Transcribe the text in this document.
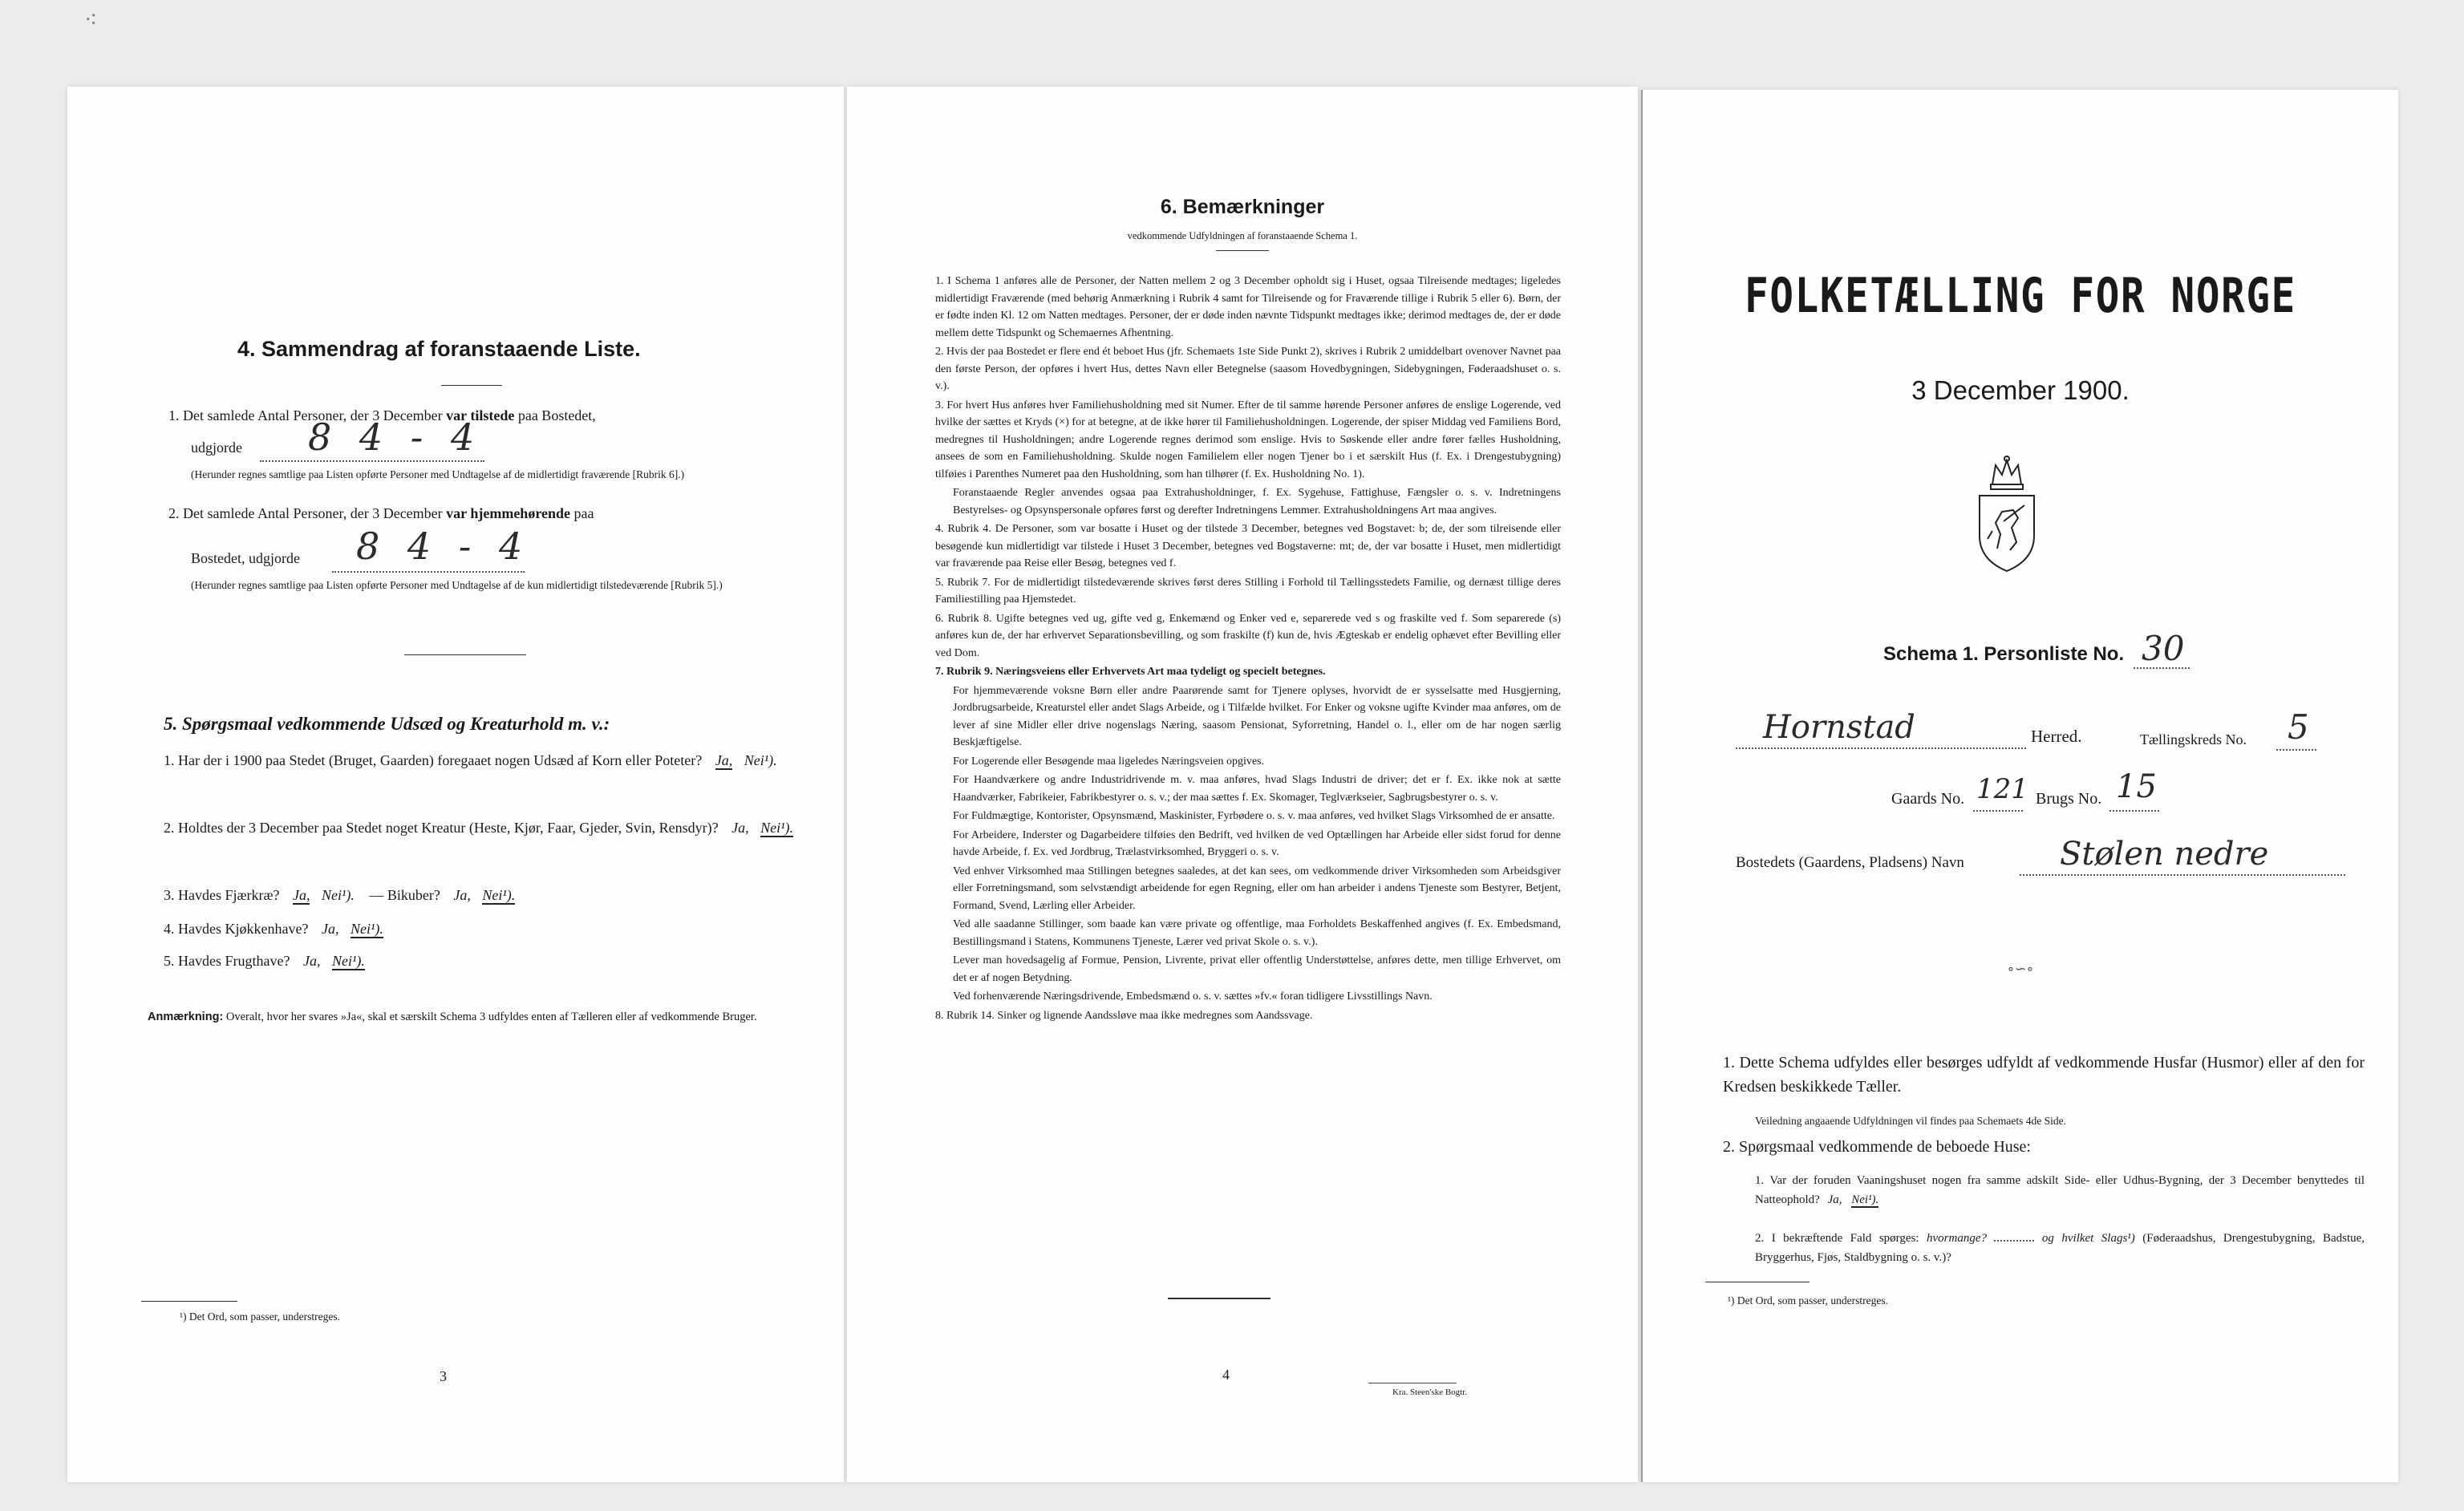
⁖
4. Sammendrag af foranstaaende Liste.
1. Det samlede Antal Personer, der 3 December var tilstede paa Bostedet,
udgjorde 8 4 - 4
(Herunder regnes samtlige paa Listen opførte Personer med Undtagelse af de midlertidigt fraværende [Rubrik 6].)
2. Det samlede Antal Personer, der 3 December var hjemmehørende paa
Bostedet, udgjorde 8 4 - 4
(Herunder regnes samtlige paa Listen opførte Personer med Undtagelse af de kun midlertidigt tilstedeværende [Rubrik 5].)
5. Spørgsmaal vedkommende Udsæd og Kreaturhold m. v.:
1. Har der i 1900 paa Stedet (Bruget, Gaarden) foregaaet nogen Udsæd af Korn eller Poteter? Ja, Nei¹).
2. Holdtes der 3 December paa Stedet noget Kreatur (Heste, Kjør, Faar, Gjeder, Svin, Rensdyr)? Ja, Nei¹).
3. Havdes Fjærkræ? Ja, Nei¹). — Bikuber? Ja, Nei¹).
4. Havdes Kjøkkenhave? Ja, Nei¹).
5. Havdes Frugthave? Ja, Nei¹).
Anmærkning: Overalt, hvor her svares »Ja«, skal et særskilt Schema 3 udfyldes enten af Tælleren eller af vedkommende Bruger.
¹) Det Ord, som passer, understreges.
3
6. Bemærkninger
vedkommende Udfyldningen af foranstaaende Schema 1.

1. I Schema 1 anføres alle de Personer, der Natten mellem 2 og 3 December opholdt sig i Huset, ogsaa Tilreisende medtages; ligeledes midlertidigt Fraværende (med behørig Anmærkning i Rubrik 4 samt for Tilreisende og for Fraværende tillige i Rubrik 5 eller 6). Børn, der er fødte inden Kl. 12 om Natten medtages. Personer, der er døde inden nævnte Tidspunkt medtages ikke; derimod medtages de, der er døde mellem dette Tidspunkt og Schemaernes Afhentning.

2. Hvis der paa Bostedet er flere end ét beboet Hus (jfr. Schemaets 1ste Side Punkt 2), skrives i Rubrik 2 umiddelbart ovenover Navnet paa den første Person, der opføres i hvert Hus, dettes Navn eller Betegnelse (saasom Hovedbygningen, Sidebygningen, Føderaadshuset o. s. v.).

3. For hvert Hus anføres hver Familiehusholdning med sit Numer. Efter de til samme hørende Personer anføres de enslige Logerende, ved hvilke der sættes et Kryds (×) for at betegne, at de ikke hører til Familiehusholdningen. Logerende, der spiser Middag ved Familiens Bord, medregnes til Husholdningen; andre Logerende regnes derimod som enslige. Hvis to Søskende eller andre fører fælles Husholdning, ansees de som en Familiehusholdning. Skulde nogen Familielem eller nogen Tjener bo i et særskilt Hus (f. Ex. i Drengestubygning) tilføies i Parenthes Numeret paa den Husholdning, som han tilhører (f. Ex. Husholdning No. 1).

Foranstaaende Regler anvendes ogsaa paa Extrahusholdninger, f. Ex. Sygehuse, Fattighuse, Fængsler o. s. v. Indretningens Bestyrelses- og Opsynspersonale opføres først og derefter Indretningens Lemmer. Extrahusholdningens Art maa angives.

4. Rubrik 4. De Personer, som var bosatte i Huset og der tilstede 3 December, betegnes ved Bogstavet: b; de, der som tilreisende eller besøgende kun midlertidigt var tilstede i Huset 3 December, betegnes ved Bogstaverne: mt; de, der var bosatte i Huset, men midlertidigt var fraværende paa Reise eller Besøg, betegnes ved f.

5. Rubrik 7. For de midlertidigt tilstedeværende skrives først deres Stilling i Forhold til Tællingsstedets Familie, og dernæst tillige deres Familiestilling paa Hjemstedet.

6. Rubrik 8. Ugifte betegnes ved ug, gifte ved g, Enkemænd og Enker ved e, separerede ved s og fraskilte ved f. Som separerede (s) anføres kun de, der har erhvervet Separationsbevilling, og som fraskilte (f) kun de, hvis Ægteskab er endelig ophævet efter Bevilling eller ved Dom.

7. Rubrik 9. Næringsveiens eller Erhvervets Art maa tydeligt og specielt betegnes.

For hjemmeværende voksne Børn eller andre Paarørende samt for Tjenere oplyses, hvorvidt de er sysselsatte med Husgjerning, Jordbrugsarbeide, Kreaturstel eller andet Slags Arbeide, og i Tilfælde hvilket. For Enker og voksne ugifte Kvinder maa anføres, om de lever af sine Midler eller drive nogenslags Næring, saasom Pensionat, Syforretning, Handel o. l., eller om de har nogen særlig Beskjæftigelse.

For Logerende eller Besøgende maa ligeledes Næringsveien opgives.

For Haandværkere og andre Industridrivende m. v. maa anføres, hvad Slags Industri de driver; det er f. Ex. ikke nok at sætte Haandværker, Fabrikeier, Fabrikbestyrer o. s. v.; der maa sættes f. Ex. Skomager, Teglværkseier, Sagbrugsbestyrer o. s. v.

For Fuldmægtige, Kontorister, Opsynsmænd, Maskinister, Fyrbødere o. s. v. maa anføres, ved hvilket Slags Virksomhed de er ansatte.

For Arbeidere, Inderster og Dagarbeidere tilføies den Bedrift, ved hvilken de ved Optællingen har Arbeide eller sidst forud for denne havde Arbeide, f. Ex. ved Jordbrug, Trælastvirksomhed, Bryggeri o. s. v.

Ved enhver Virksomhed maa Stillingen betegnes saaledes, at det kan sees, om vedkommende driver Virksomheden som Arbeidsgiver eller Forretningsmand, som selvstændigt arbeidende for egen Regning, eller om han arbeider i andens Tjeneste som Bestyrer, Betjent, Formand, Svend, Lærling eller Arbeider.

Ved alle saadanne Stillinger, som baade kan være private og offentlige, maa Forholdets Beskaffenhed angives (f. Ex. Embedsmand, Bestillingsmand i Statens, Kommunens Tjeneste, Lærer ved privat Skole o. s. v.).

Lever man hovedsagelig af Formue, Pension, Livrente, privat eller offentlig Understøttelse, anføres dette, men tillige Erhvervet, om det er af nogen Betydning.

Ved forhenværende Næringsdrivende, Embedsmænd o. s. v. sættes »fv.« foran tidligere Livsstillings Navn.

8. Rubrik 14. Sinker og lignende Aandssløve maa ikke medregnes som Aandssvage.

4
Kra. Steen'ske Bogtr.
FOLKETÆLLING FOR NORGE
3 December 1900.
Schema 1. Personliste No. 30
Hornstad	Herred.	Tællingskreds No. 5
Gaards No. 121 Brugs No. 15
Bostedets (Gaardens, Pladsens) Navn	Stølen nedre
∘∽∘
1. Dette Schema udfyldes eller besørges udfyldt af vedkommende Husfar (Husmor) eller af den for Kredsen beskikkede Tæller.
Veiledning angaaende Udfyldningen vil findes paa Schemaets 4de Side.
2. Spørgsmaal vedkommende de beboede Huse:
1. Var der foruden Vaaningshuset nogen fra samme adskilt Side- eller Udhus-Bygning, der 3 December benyttedes til Natteophold? Ja, Nei¹).
2. I bekræftende Fald spørges: hvormange?	og hvilket Slags¹) (Føderaadshus, Drengestubygning, Badstue, Bryggerhus, Fjøs, Staldbygning o. s. v.)?
¹) Det Ord, som passer, understreges.
